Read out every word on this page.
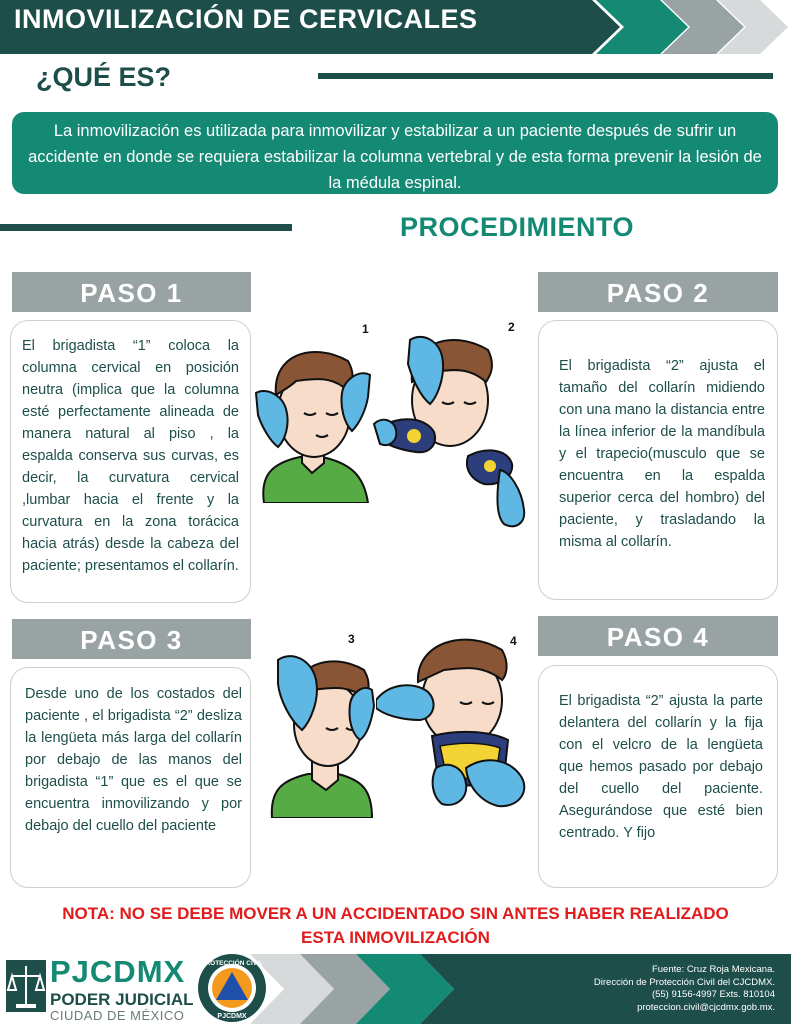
INMOVILIZACIÓN DE CERVICALES
¿QUÉ ES?
La inmovilización es utilizada para inmovilizar y estabilizar a un paciente después de sufrir un accidente en donde se requiera estabilizar la columna vertebral y de esta forma prevenir la lesión de la médula espinal.
PROCEDIMIENTO
PASO 1
El brigadista “1” coloca la columna cervical en posición neutra (implica que la columna esté perfectamente alineada de manera natural al piso , la espalda conserva sus curvas, es decir, la curvatura cervical ,lumbar hacia el frente y la curvatura en la zona torácica hacia atrás) desde la cabeza del paciente; presentamos el collarín.
PASO 2
El brigadista “2” ajusta el tamaño del collarín midiendo con una mano la distancia entre la línea inferior de la mandíbula y el trapecio(musculo que se encuentra en la espalda superior cerca del hombro) del paciente, y trasladando la misma al collarín.
PASO 3
Desde uno de los costados del paciente , el brigadista “2” desliza la lengüeta más larga del collarín por debajo de las manos del brigadista “1” que es el que se encuentra inmovilizando y por debajo del cuello del paciente
PASO 4
El brigadista “2” ajusta la parte delantera del collarín y la fija con el velcro de la lengüeta que hemos pasado por debajo del cuello del paciente. Asegurándose que esté bien centrado. Y fijo
1	2
3	4
NOTA: NO SE DEBE MOVER A UN ACCIDENTADO SIN ANTES HABER REALIZADO
ESTA INMOVILIZACIÓN
PJCDMX
PODER JUDICIAL
CIUDAD DE MÉXICO
PROTECCIÓN CIVIL
PJCDMX
Fuente: Cruz Roja Mexicana.
Dirección de Protección Civil del CJCDMX.
(55) 9156-4997 Exts. 810104
proteccion.civil@cjcdmx.gob.mx.
